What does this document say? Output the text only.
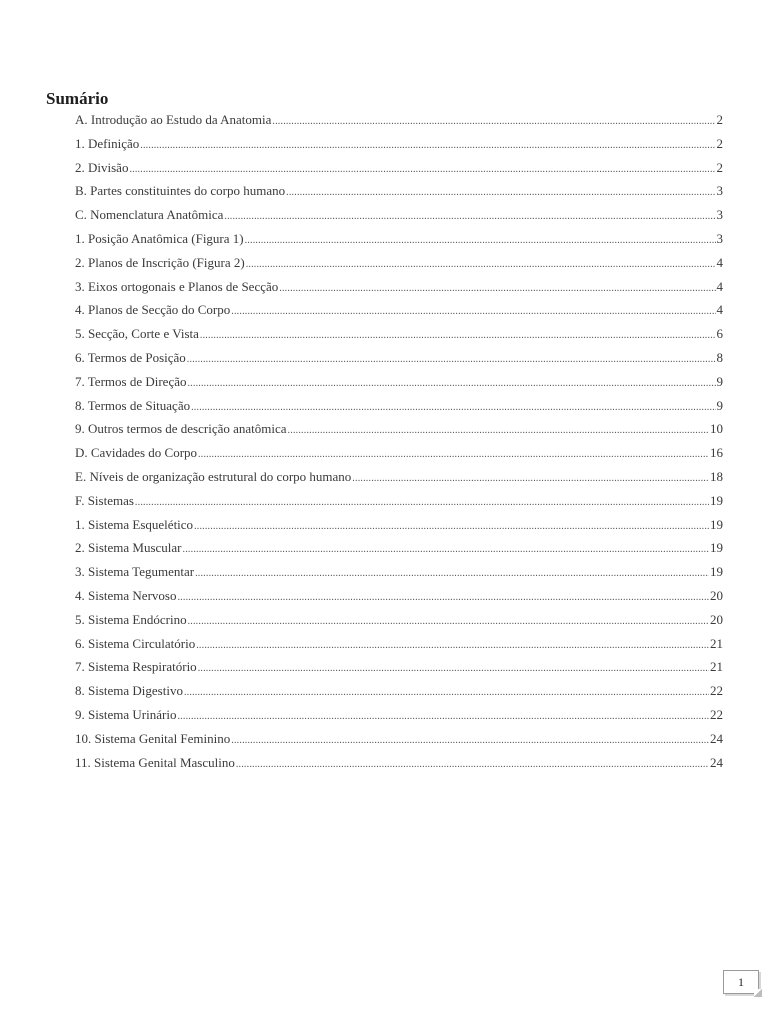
Sumário
A. Introdução ao Estudo da Anatomia .....	2
1. Definição .....	2
2. Divisão .....	2
B. Partes constituintes do corpo humano .....	3
C. Nomenclatura Anatômica .....	3
1. Posição Anatômica (Figura 1) .....	3
2. Planos de Inscrição (Figura 2) .....	4
3. Eixos ortogonais e Planos de Secção .....	4
4. Planos de Secção do Corpo .....	4
5. Secção, Corte e Vista .....	6
6. Termos de Posição .....	8
7. Termos de Direção .....	9
8. Termos de Situação .....	9
9. Outros termos de descrição anatômica .....	10
D. Cavidades do Corpo .....	16
E. Níveis de organização estrutural do corpo humano .....	18
F. Sistemas .....	19
1. Sistema Esquelético .....	19
2. Sistema Muscular .....	19
3. Sistema Tegumentar .....	19
4. Sistema Nervoso .....	20
5. Sistema Endócrino .....	20
6. Sistema Circulatório .....	21
7. Sistema Respiratório .....	21
8. Sistema Digestivo .....	22
9. Sistema Urinário .....	22
10. Sistema Genital Feminino .....	24
11. Sistema Genital Masculino .....	24
1
